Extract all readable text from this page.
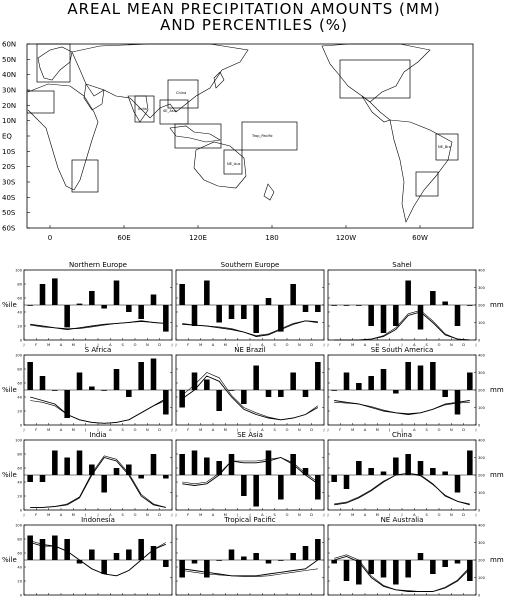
AREAL MEAN PRECIPITATION AMOUNTS (MM)
AND PERCENTILES (%)
India
China
SE_Asia
Trop_Pacific
NE_Brz
NE_Aus
60N
50N
40N
30N
20N
10N
EQ
10S
20S
30S
40S
50S
60S
0	60E	120E	180	120W	60W
Northern Europe
J	F	M	A	M	J	J	A	S	O	N	D	J
0
20
40
60
80
100
Southern Europe
J	F	M	A	M	J	J	A	S	O	N	D	J
Sahel
J	F	M	A	M	J	J	A	S	O	N	D	J
0
100
200
300
400
S Africa
J	F	M	A	M	J	J	A	S	O	N	D	J
0
20
40
60
80
100
NE Brazil
J	F	M	A	M	J	J	A	S	O	N	D	J
SE South America
J	F	M	A	M	J	J	A	S	O	N	D	J
0
100
200
300
400
India
J	F	M	A	M	J	J	A	S	O	N	D	J
0
20
40
60
80
100
SE Asia
J	F	M	A	M	J	J	A	S	O	N	D	J
China
J	F	M	A	M	J	J	A	S	O	N	D	J
0
100
200
300
400
Indonesia
0
20
40
60
80
100
Tropical Pacific	NE Australia
0
100
200
300
400
%ile	mm
%ile	mm
%ile	mm
%ile	mm
